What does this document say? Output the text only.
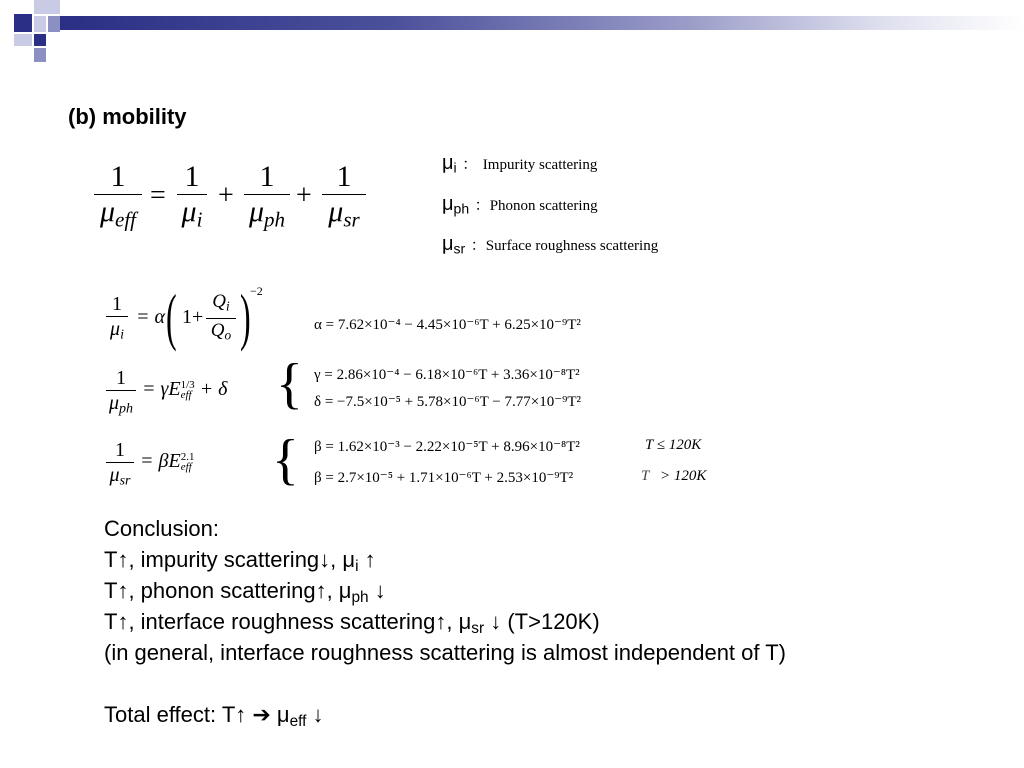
(b) mobility
1
$\mu_{eff}$
=
1
$\mu_i$
+
1
$\mu_{ph}$
+
1
$\mu_{sr}$
$\mu_i$ ： Impurity scattering
$\mu_{ph}$ ：Phonon scattering
$\mu_{sr}$ ：Surface roughness scattering
1
$\mu_i$
= α ( 1+
$Q_i$
$Q_o$ ) −2
1
$\mu_{ph}$
= γE 1/3
eff + δ
1
$\mu_{sr}$
= βE 2.1
eff
α = 7.62×10⁻⁴ − 4.45×10⁻⁶T + 6.25×10⁻⁹T²
{ γ = 2.86×10⁻⁴ − 6.18×10⁻⁶T + 3.36×10⁻⁸T²
δ = −7.5×10⁻⁵ + 5.78×10⁻⁶T − 7.77×10⁻⁹T²
{ β = 1.62×10⁻³ − 2.22×10⁻⁵T + 8.96×10⁻⁸T²	T ≤ 120K
β = 2.7×10⁻⁵ + 1.71×10⁻⁶T + 2.53×10⁻⁹T²	T > 120K
Conclusion:
T↑, impurity scattering↓, $\mu_i$ ↑
T↑, phonon scattering↑, $\mu_{ph}$ ↓
T↑, interface roughness scattering↑, $\mu_{sr}$ ↓ (T>120K)
(in general, interface roughness scattering is almost independent of T)
Total effect: T↑ ➔ $\mu_{eff}$ ↓
